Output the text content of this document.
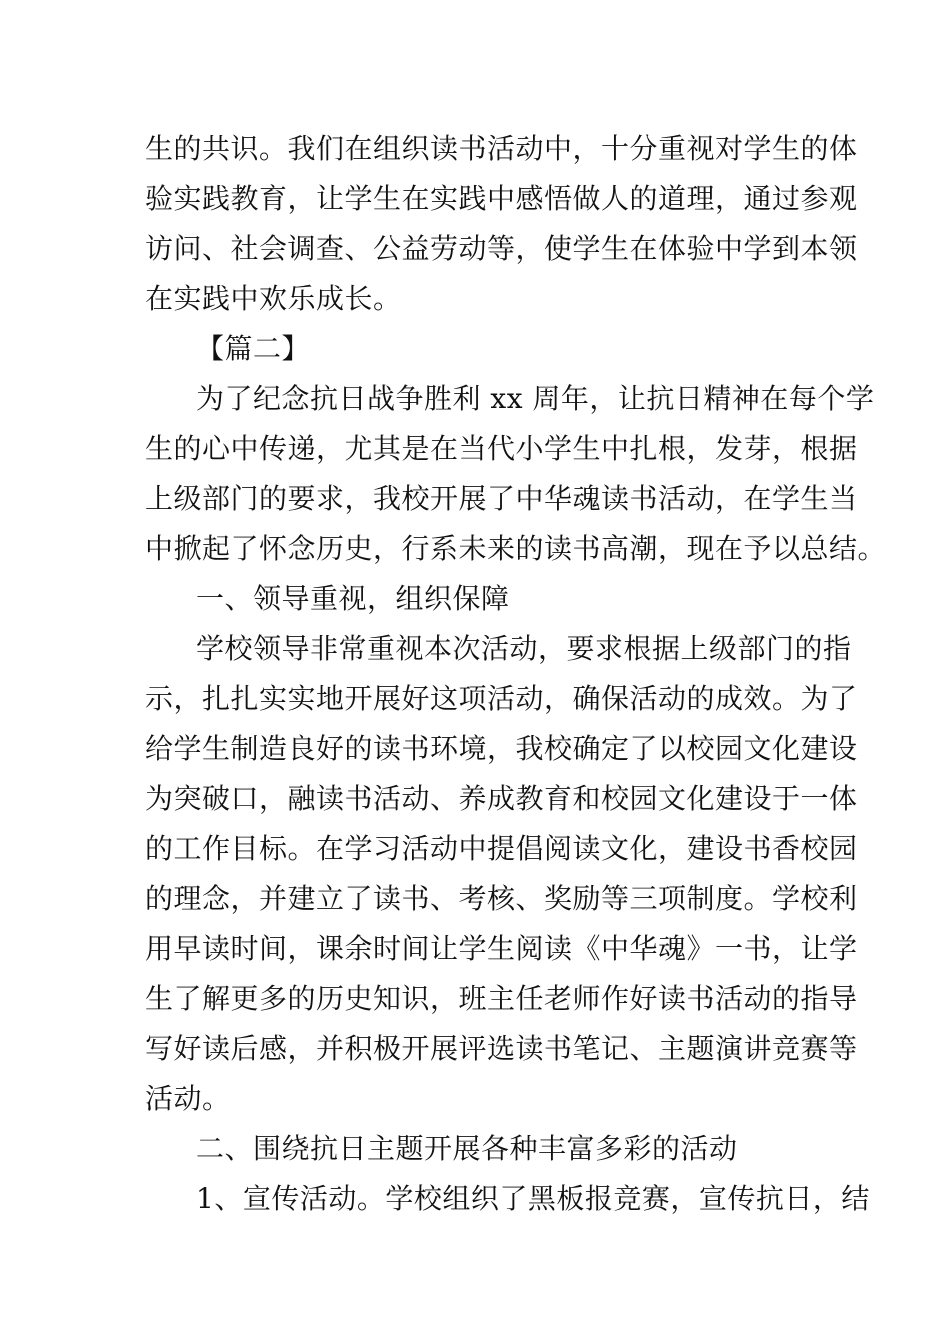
生的共识。我们在组织读书活动中，十分重视对学生的体
验实践教育，让学生在实践中感悟做人的道理，通过参观
访问、社会调查、公益劳动等，使学生在体验中学到本领
在实践中欢乐成长。
【篇二】
为了纪念抗日战争胜利 xx 周年，让抗日精神在每个学
生的心中传递，尤其是在当代小学生中扎根，发芽，根据
上级部门的要求，我校开展了中华魂读书活动，在学生当
中掀起了怀念历史，行系未来的读书高潮，现在予以总结。
一、领导重视，组织保障
学校领导非常重视本次活动，要求根据上级部门的指
示，扎扎实实地开展好这项活动，确保活动的成效。为了
给学生制造良好的读书环境，我校确定了以校园文化建设
为突破口，融读书活动、养成教育和校园文化建设于一体
的工作目标。在学习活动中提倡阅读文化，建设书香校园
的理念，并建立了读书、考核、奖励等三项制度。学校利
用早读时间，课余时间让学生阅读《中华魂》一书，让学
生了解更多的历史知识，班主任老师作好读书活动的指导
写好读后感，并积极开展评选读书笔记、主题演讲竞赛等
活动。
二、围绕抗日主题开展各种丰富多彩的活动
1、宣传活动。学校组织了黑板报竞赛，宣传抗日，结
